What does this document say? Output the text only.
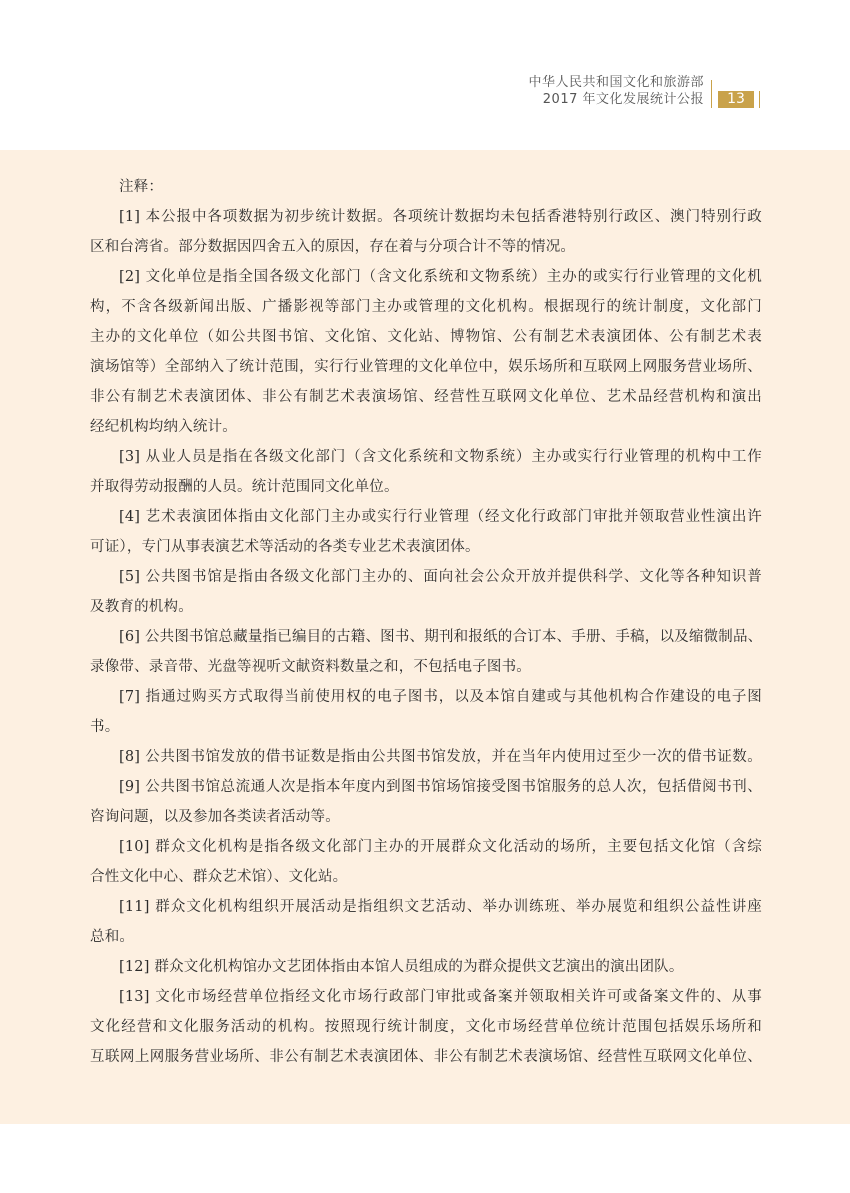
中华人民共和国文化和旅游部
2017 年文化发展统计公报	13
注释：
[1] 本公报中各项数据为初步统计数据。各项统计数据均未包括香港特别行政区、澳门特别行政
区和台湾省。部分数据因四舍五入的原因，存在着与分项合计不等的情况。
[2] 文化单位是指全国各级文化部门（含文化系统和文物系统）主办的或实行行业管理的文化机
构，不含各级新闻出版、广播影视等部门主办或管理的文化机构。根据现行的统计制度，文化部门
主办的文化单位（如公共图书馆、文化馆、文化站、博物馆、公有制艺术表演团体、公有制艺术表
演场馆等）全部纳入了统计范围，实行行业管理的文化单位中，娱乐场所和互联网上网服务营业场所、
非公有制艺术表演团体、非公有制艺术表演场馆、经营性互联网文化单位、艺术品经营机构和演出
经纪机构均纳入统计。
[3] 从业人员是指在各级文化部门（含文化系统和文物系统）主办或实行行业管理的机构中工作
并取得劳动报酬的人员。统计范围同文化单位。
[4] 艺术表演团体指由文化部门主办或实行行业管理（经文化行政部门审批并领取营业性演出许
可证），专门从事表演艺术等活动的各类专业艺术表演团体。
[5] 公共图书馆是指由各级文化部门主办的、面向社会公众开放并提供科学、文化等各种知识普
及教育的机构。
[6] 公共图书馆总藏量指已编目的古籍、图书、期刊和报纸的合订本、手册、手稿，以及缩微制品、
录像带、录音带、光盘等视听文献资料数量之和，不包括电子图书。
[7] 指通过购买方式取得当前使用权的电子图书，以及本馆自建或与其他机构合作建设的电子图
书。
[8] 公共图书馆发放的借书证数是指由公共图书馆发放，并在当年内使用过至少一次的借书证数。
[9] 公共图书馆总流通人次是指本年度内到图书馆场馆接受图书馆服务的总人次，包括借阅书刊、
咨询问题，以及参加各类读者活动等。
[10] 群众文化机构是指各级文化部门主办的开展群众文化活动的场所，主要包括文化馆（含综
合性文化中心、群众艺术馆）、文化站。
[11] 群众文化机构组织开展活动是指组织文艺活动、举办训练班、举办展览和组织公益性讲座
总和。
[12] 群众文化机构馆办文艺团体指由本馆人员组成的为群众提供文艺演出的演出团队。
[13] 文化市场经营单位指经文化市场行政部门审批或备案并领取相关许可或备案文件的、从事
文化经营和文化服务活动的机构。按照现行统计制度，文化市场经营单位统计范围包括娱乐场所和
互联网上网服务营业场所、非公有制艺术表演团体、非公有制艺术表演场馆、经营性互联网文化单位、
